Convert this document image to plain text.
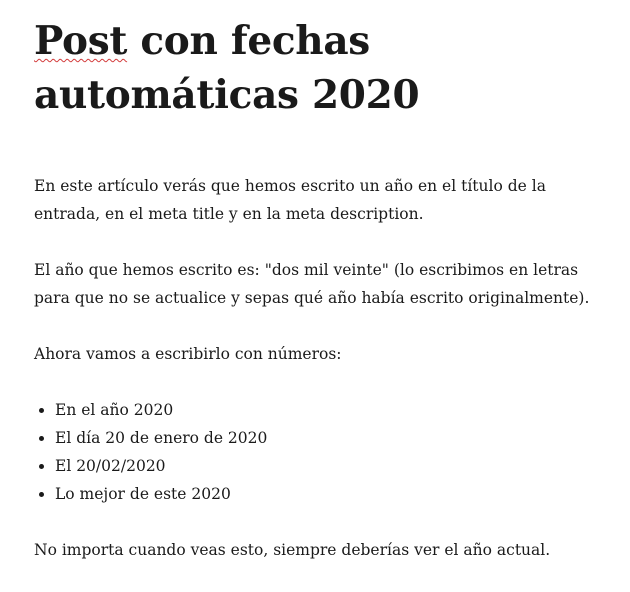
Post con fechas automáticas 2020

En este artículo verás que hemos escrito un año en el título de la entrada, en el meta title y en la meta description.

El año que hemos escrito es: "dos mil veinte" (lo escribimos en letras para que no se actualice y sepas qué año había escrito originalmente).

Ahora vamos a escribirlo con números:

• En el año 2020
• El día 20 de enero de 2020
• El 20/02/2020
• Lo mejor de este 2020

No importa cuando veas esto, siempre deberías ver el año actual.
